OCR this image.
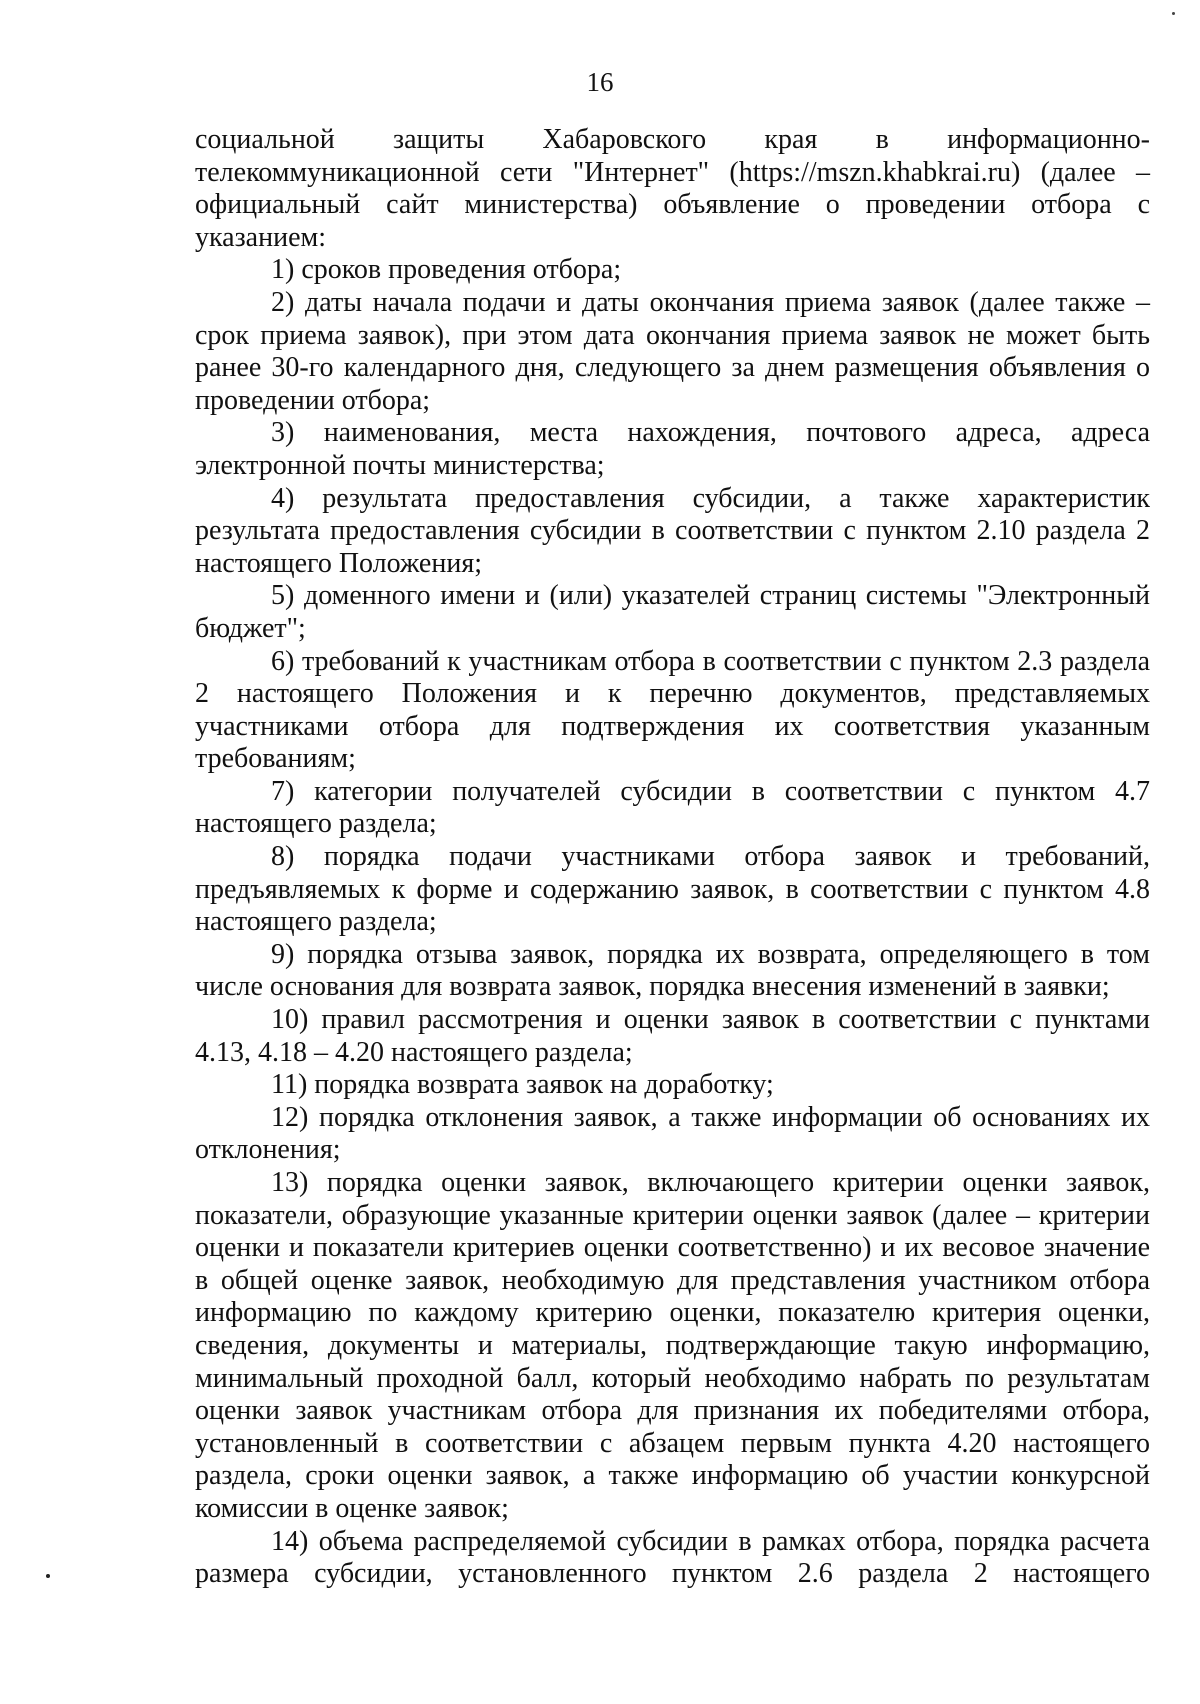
16

социальной защиты Хабаровского края в информационно-телекоммуникационной сети "Интернет" (https://mszn.khabkrai.ru) (далее – официальный сайт министерства) объявление о проведении отбора с указанием:

1) сроков проведения отбора;

2) даты начала подачи и даты окончания приема заявок (далее также – срок приема заявок), при этом дата окончания приема заявок не может быть ранее 30-го календарного дня, следующего за днем размещения объявления о проведении отбора;

3) наименования, места нахождения, почтового адреса, адреса электронной почты министерства;

4) результата предоставления субсидии, а также характеристик результата предоставления субсидии в соответствии с пунктом 2.10 раздела 2 настоящего Положения;

5) доменного имени и (или) указателей страниц системы "Электронный бюджет";

6) требований к участникам отбора в соответствии с пунктом 2.3 раздела 2 настоящего Положения и к перечню документов, представляемых участниками отбора для подтверждения их соответствия указанным требованиям;

7) категории получателей субсидии в соответствии с пунктом 4.7 настоящего раздела;

8) порядка подачи участниками отбора заявок и требований, предъявляемых к форме и содержанию заявок, в соответствии с пунктом 4.8 настоящего раздела;

9) порядка отзыва заявок, порядка их возврата, определяющего в том числе основания для возврата заявок, порядка внесения изменений в заявки;

10) правил рассмотрения и оценки заявок в соответствии с пунктами 4.13, 4.18 – 4.20 настоящего раздела;

11) порядка возврата заявок на доработку;

12) порядка отклонения заявок, а также информации об основаниях их отклонения;

13) порядка оценки заявок, включающего критерии оценки заявок, показатели, образующие указанные критерии оценки заявок (далее – критерии оценки и показатели критериев оценки соответственно) и их весовое значение в общей оценке заявок, необходимую для представления участником отбора информацию по каждому критерию оценки, показателю критерия оценки, сведения, документы и материалы, подтверждающие такую информацию, минимальный проходной балл, который необходимо набрать по результатам оценки заявок участникам отбора для признания их победителями отбора, установленный в соответствии с абзацем первым пункта 4.20 настоящего раздела, сроки оценки заявок, а также информацию об участии конкурсной комиссии в оценке заявок;

14) объема распределяемой субсидии в рамках отбора, порядка расчета размера субсидии, установленного пунктом 2.6 раздела 2 настоящего
